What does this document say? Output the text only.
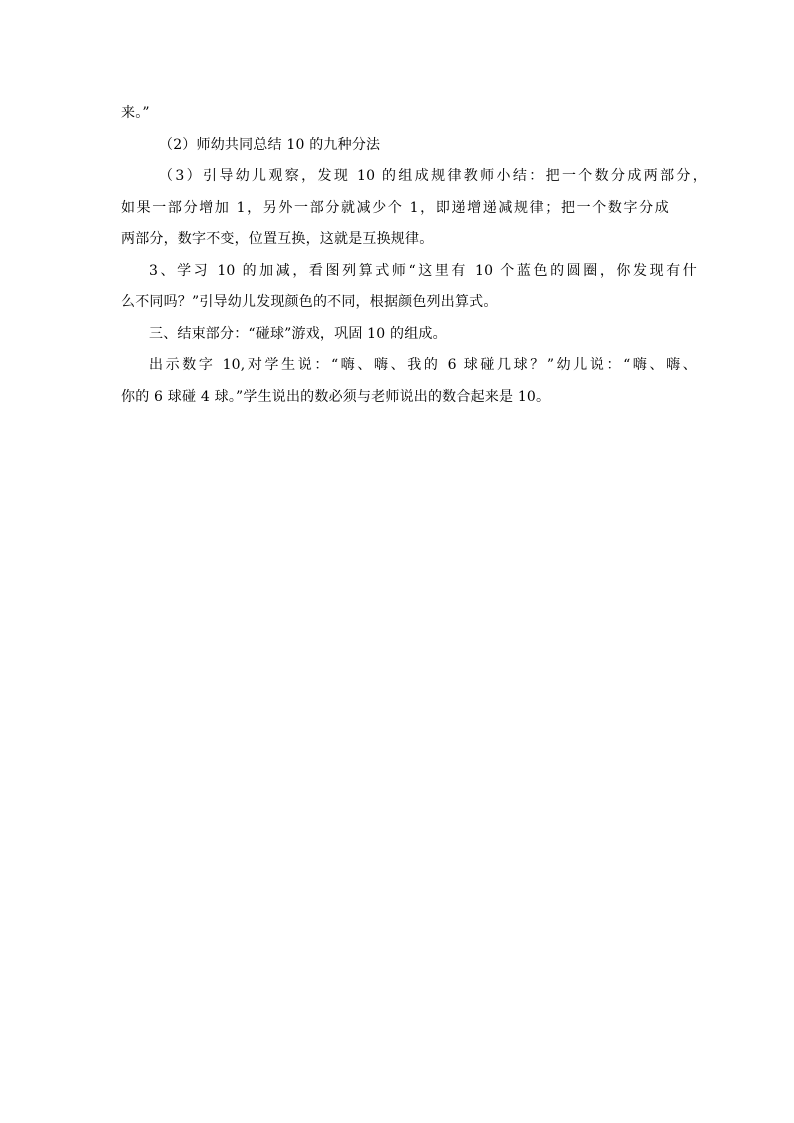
来。”
（2）师幼共同总结 10 的九种分法
（3）引导幼儿观察，发现 10 的组成规律教师小结：把一个数分成两部分，
如果一部分增加 1，另外一部分就减少个 1，即递增递减规律；把一个数字分成
两部分，数字不变，位置互换，这就是互换规律。
3、学习 10 的加减，看图列算式师“这里有 10 个蓝色的圆圈，你发现有什
么不同吗？”引导幼儿发现颜色的不同，根据颜色列出算式。
三、结束部分：“碰球”游戏，巩固 10 的组成。
出示数字 10,对学生说：“嗨、嗨、我的 6 球碰几球？”幼儿说：“嗨、嗨、
你的 6 球碰 4 球。”学生说出的数必须与老师说出的数合起来是 10。
